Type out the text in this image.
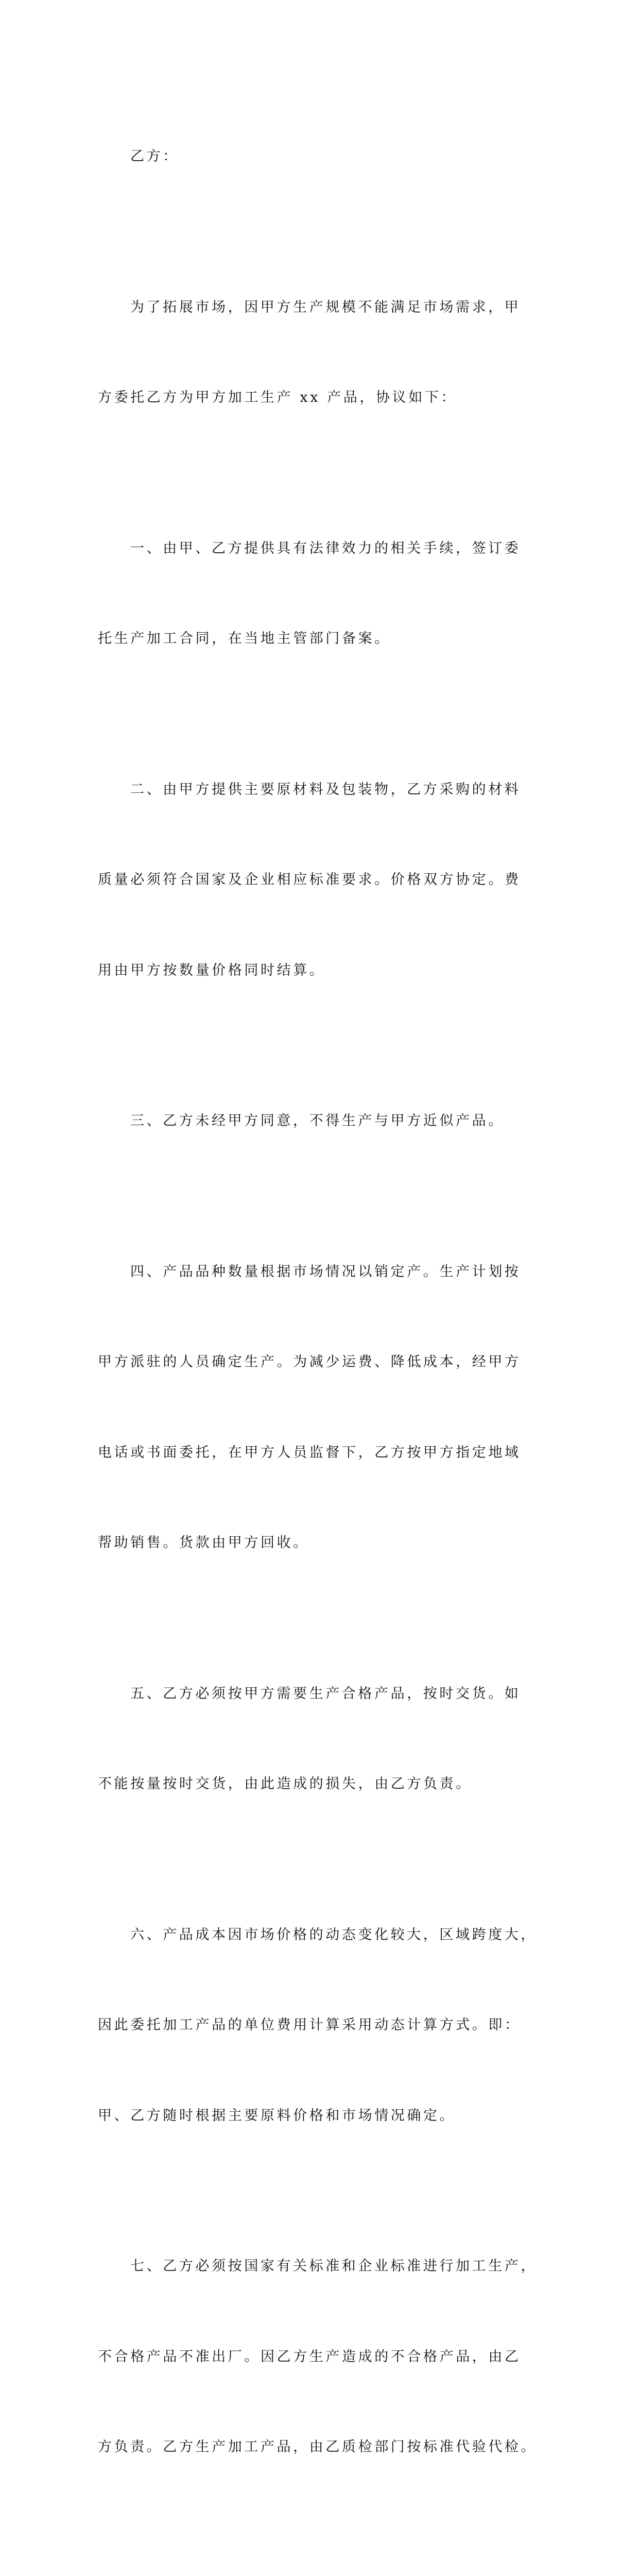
乙方：

为了拓展市场，因甲方生产规模不能满足市场需求，甲

方委托乙方为甲方加工生产 xx 产品，协议如下：

一、由甲、乙方提供具有法律效力的相关手续，签订委

托生产加工合同，在当地主管部门备案。

二、由甲方提供主要原材料及包装物，乙方采购的材料

质量必须符合国家及企业相应标准要求。价格双方协定。费

用由甲方按数量价格同时结算。

三、乙方未经甲方同意，不得生产与甲方近似产品。

四、产品品种数量根据市场情况以销定产。生产计划按

甲方派驻的人员确定生产。为减少运费、降低成本，经甲方

电话或书面委托，在甲方人员监督下，乙方按甲方指定地域

帮助销售。货款由甲方回收。

五、乙方必须按甲方需要生产合格产品，按时交货。如

不能按量按时交货，由此造成的损失，由乙方负责。

六、产品成本因市场价格的动态变化较大，区域跨度大，

因此委托加工产品的单位费用计算采用动态计算方式。即：

甲、乙方随时根据主要原料价格和市场情况确定。

七、乙方必须按国家有关标准和企业标准进行加工生产，

不合格产品不准出厂。因乙方生产造成的不合格产品，由乙

方负责。乙方生产加工产品，由乙质检部门按标准代验代检。
